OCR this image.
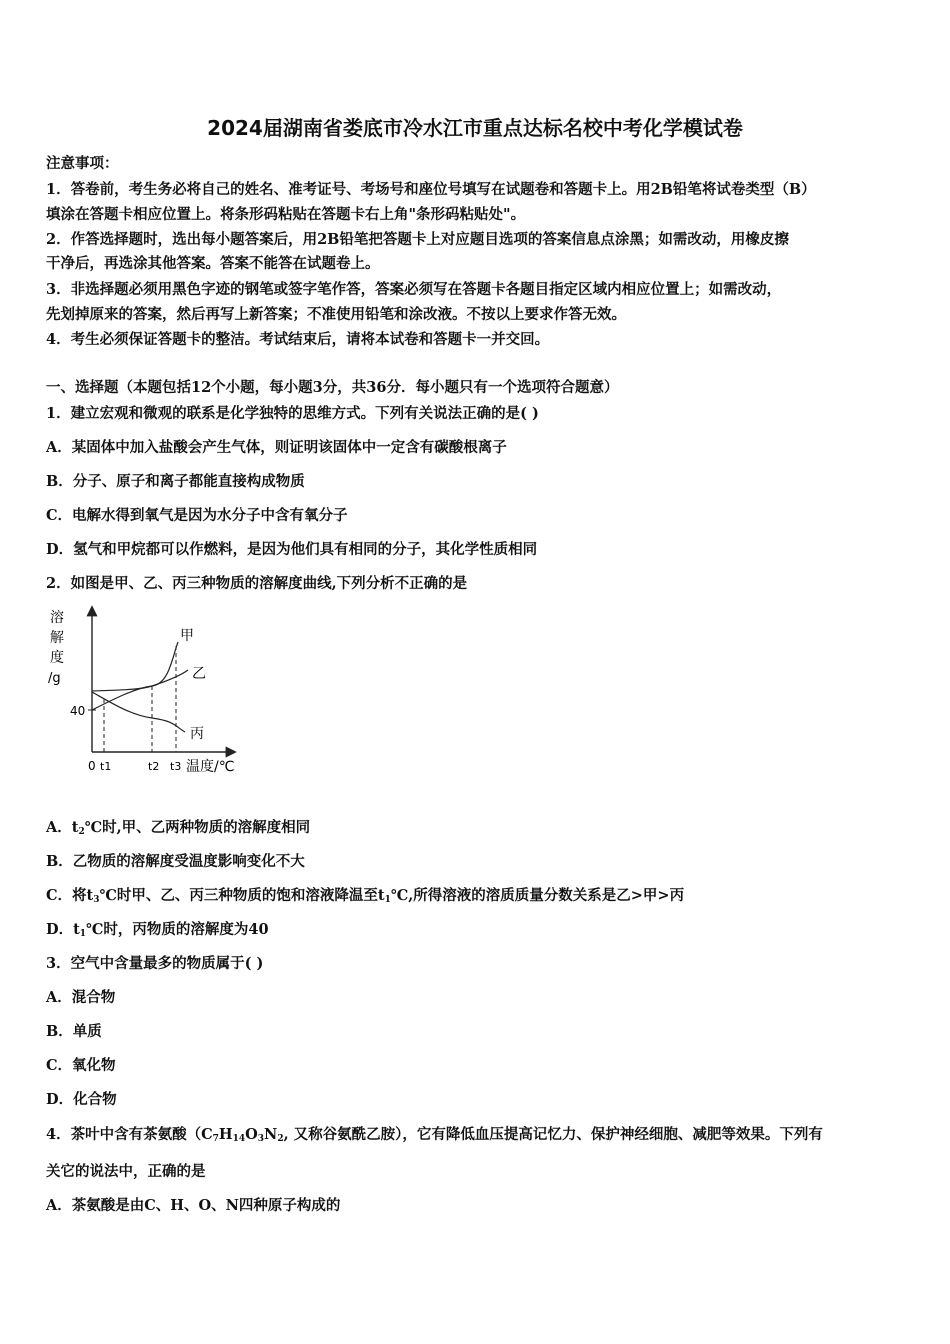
2024届湖南省娄底市冷水江市重点达标名校中考化学模试卷
注意事项：
1．答卷前，考生务必将自己的姓名、准考证号、考场号和座位号填写在试题卷和答题卡上。用2B铅笔将试卷类型（B）
填涂在答题卡相应位置上。将条形码粘贴在答题卡右上角"条形码粘贴处"。
2．作答选择题时，选出每小题答案后，用2B铅笔把答题卡上对应题目选项的答案信息点涂黑；如需改动，用橡皮擦
干净后，再选涂其他答案。答案不能答在试题卷上。
3．非选择题必须用黑色字迹的钢笔或签字笔作答，答案必须写在答题卡各题目指定区域内相应位置上；如需改动，
先划掉原来的答案，然后再写上新答案；不准使用铅笔和涂改液。不按以上要求作答无效。
4．考生必须保证答题卡的整洁。考试结束后，请将本试卷和答题卡一并交回。
一、选择题（本题包括12个小题，每小题3分，共36分．每小题只有一个选项符合题意）
1．建立宏观和微观的联系是化学独特的思维方式。下列有关说法正确的是( )
A．某固体中加入盐酸会产生气体，则证明该固体中一定含有碳酸根离子
B．分子、原子和离子都能直接构成物质
C．电解水得到氧气是因为水分子中含有氧分子
D．氢气和甲烷都可以作燃料，是因为他们具有相同的分子，其化学性质相同
2．如图是甲、乙、丙三种物质的溶解度曲线,下列分析不正确的是
溶
解
度
/g
40
甲
乙
丙
0 t1	t2 t3 温度/℃
A．$t_2℃$时,甲、乙两种物质的溶解度相同
B．乙物质的溶解度受温度影响变化不大
C．将$t_3℃$时甲、乙、丙三种物质的饱和溶液降温至$t_1℃$,所得溶液的溶质质量分数关系是乙>甲>丙
D．$t_1℃$时，丙物质的溶解度为40
3．空气中含量最多的物质属于( )
A．混合物
B．单质
C．氧化物
D．化合物
4．茶叶中含有茶氨酸（$C_7H_{14}O_3N_2$, 又称谷氨酰乙胺），它有降低血压提高记忆力、保护神经细胞、减肥等效果。下列有
关它的说法中，正确的是
A．茶氨酸是由C、H、O、N四种原子构成的
